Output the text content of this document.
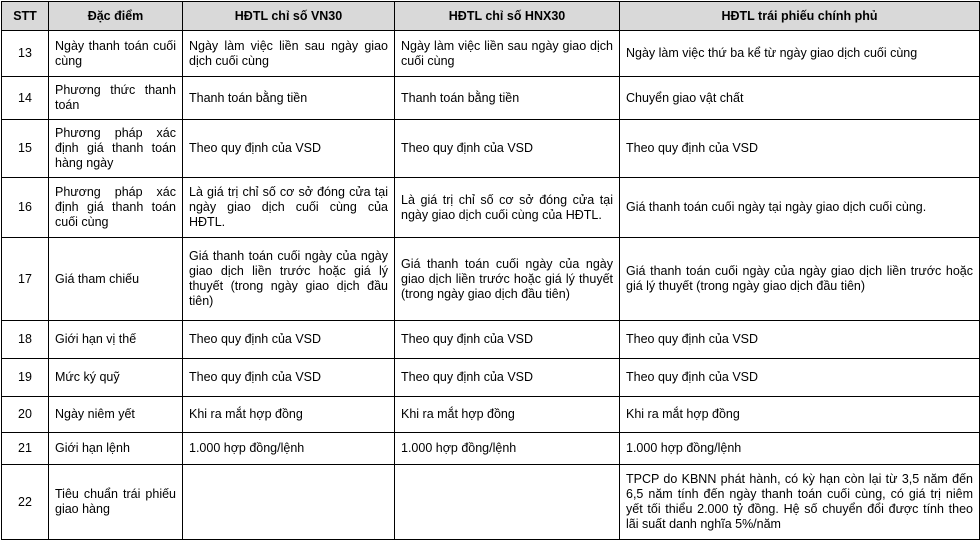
STT	Đặc điểm	HĐTL chỉ số VN30	HĐTL chỉ số HNX30	HĐTL trái phiếu chính phủ
13	Ngày thanh toán cuối cùng	Ngày làm việc liền sau ngày giao dịch cuối cùng	Ngày làm việc liền sau ngày giao dịch cuối cùng	Ngày làm việc thứ ba kể từ ngày giao dịch cuối cùng
14	Phương thức thanh toán	Thanh toán bằng tiền	Thanh toán bằng tiền	Chuyển giao vật chất
15	Phương pháp xác định giá thanh toán hàng ngày	Theo quy định của VSD	Theo quy định của VSD	Theo quy định của VSD
16	Phương pháp xác định giá thanh toán cuối cùng	Là giá trị chỉ số cơ sở đóng cửa tại ngày giao dịch cuối cùng của HĐTL.	Là giá trị chỉ số cơ sở đóng cửa tại ngày giao dịch cuối cùng của HĐTL.	Giá thanh toán cuối ngày tại ngày giao dịch cuối cùng.
17	Giá tham chiếu	Giá thanh toán cuối ngày của ngày giao dịch liền trước hoặc giá lý thuyết (trong ngày giao dịch đầu tiên)	Giá thanh toán cuối ngày của ngày giao dịch liền trước hoặc giá lý thuyết (trong ngày giao dịch đầu tiên)	Giá thanh toán cuối ngày của ngày giao dịch liền trước hoặc giá lý thuyết (trong ngày giao dịch đầu tiên)
18	Giới hạn vị thế	Theo quy định của VSD	Theo quy định của VSD	Theo quy định của VSD
19	Mức ký quỹ	Theo quy định của VSD	Theo quy định của VSD	Theo quy định của VSD
20	Ngày niêm yết	Khi ra mắt hợp đồng	Khi ra mắt hợp đồng	Khi ra mắt hợp đồng
21	Giới hạn lệnh	1.000 hợp đồng/lệnh	1.000 hợp đồng/lệnh	1.000 hợp đồng/lệnh
22	Tiêu chuẩn trái phiếu giao hàng			TPCP do KBNN phát hành, có kỳ hạn còn lại từ 3,5 năm đến 6,5 năm tính đến ngày thanh toán cuối cùng, có giá trị niêm yết tối thiểu 2.000 tỷ đồng. Hệ số chuyển đổi được tính theo lãi suất danh nghĩa 5%/năm
